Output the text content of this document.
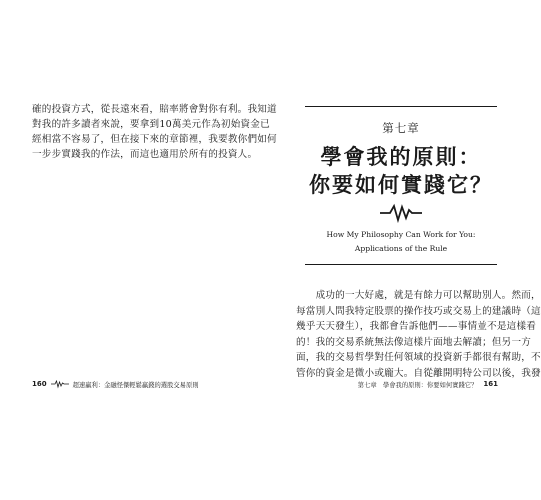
確的投資方式，從長遠來看，賠率將會對你有利。我知道
對我的許多讀者來說，要拿到10萬美元作為初始資金已
經相當不容易了，但在接下來的章節裡，我要教你們如何
一步步實踐我的作法，而這也適用於所有的投資人。
160	超速贏利：金融怪傑輕鬆贏錢的選股交易原則
第七章
學會我的原則：
你要如何實踐它？
How My Philosophy Can Work for You:
Applications of the Rule
　　成功的一大好處，就是有餘力可以幫助別人。然而，
每當別人問我特定股票的操作技巧或交易上的建議時（這
幾乎天天發生），我都會告訴他們——事情並不是這樣看
的！我的交易系統無法像這樣片面地去解讀；但另一方
面，我的交易哲學對任何領域的投資新手都很有幫助，不
管你的資金是微小或龐大。自從離開明特公司以後，我發
第七章　學會我的原則：你要如何實踐它？ 161
